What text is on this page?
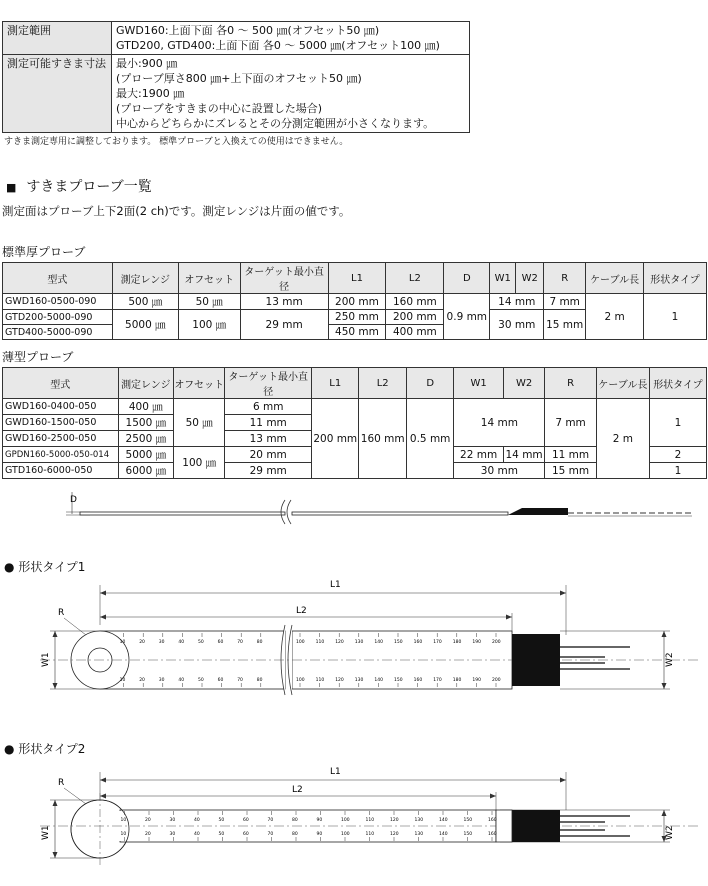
測定範囲	GWD160:上面下面 各0 ～ 500 ㎛(オフセット50 ㎛)
GTD200, GTD400:上面下面 各0 ～ 5000 ㎛(オフセット100 ㎛)

測定可能すきま寸法	最小:900 ㎛
(プローブ厚さ800 ㎛+上下面のオフセット50 ㎛)
最大:1900 ㎛
(プローブをすきまの中心に設置した場合)
中心からどちらかにズレるとその分測定範囲が小さくなります。
すきま測定専用に調整しております。 標準プローブと入換えての使用はできません。
■ すきまプローブ一覧
測定面はプローブ上下2面(2 ch)です。測定レンジは片面の値です。
標準厚プローブ
型式	測定レンジ	オフセット	ターゲット最小直径	L1	L2	D	W1	W2	R	ケーブル長	形状タイプ
GWD160-0500-090	500 ㎛	50 ㎛	13 mm	200 mm	160 mm	0.9 mm	14 mm		7 mm	2 m	1
GTD200-5000-090	5000 ㎛	100 ㎛	29 mm	250 mm	200 mm		30 mm		15 mm		
GTD400-5000-090				450 mm	400 mm						
薄型プローブ
型式	測定レンジ	オフセット	ターゲット最小直径	L1	L2	D	W1	W2	R	ケーブル長	形状タイプ
GWD160-0400-050	400 ㎛	50 ㎛	6 mm	200 mm	160 mm	0.5 mm	14 mm		7 mm	2 m	1
GWD160-1500-050	1500 ㎛		11 mm								
GWD160-2500-050	2500 ㎛		13 mm								
GPDN160-5000-050-014	5000 ㎛	100 ㎛	20 mm				22 mm	14 mm	11 mm		2
GTD160-6000-050	6000 ㎛		29 mm				30 mm		15 mm		1
D
● 形状タイプ1
L1
L2
R
W1	W2
10	20	30	40	50	60	70	80	100 110 120 130 140 150 160 170 180 190 200
10	20	30	40	50	60	70	80	100 110 120 130 140 150 160 170 180 190 200
● 形状タイプ2
L1
L2
R
W1	W2
10	20	30	40	50	60	70	80	90	100	110	120	130	140	150	160
10	20	30	40	50	60	70	80	90	100	110	120	130	140	150	160
